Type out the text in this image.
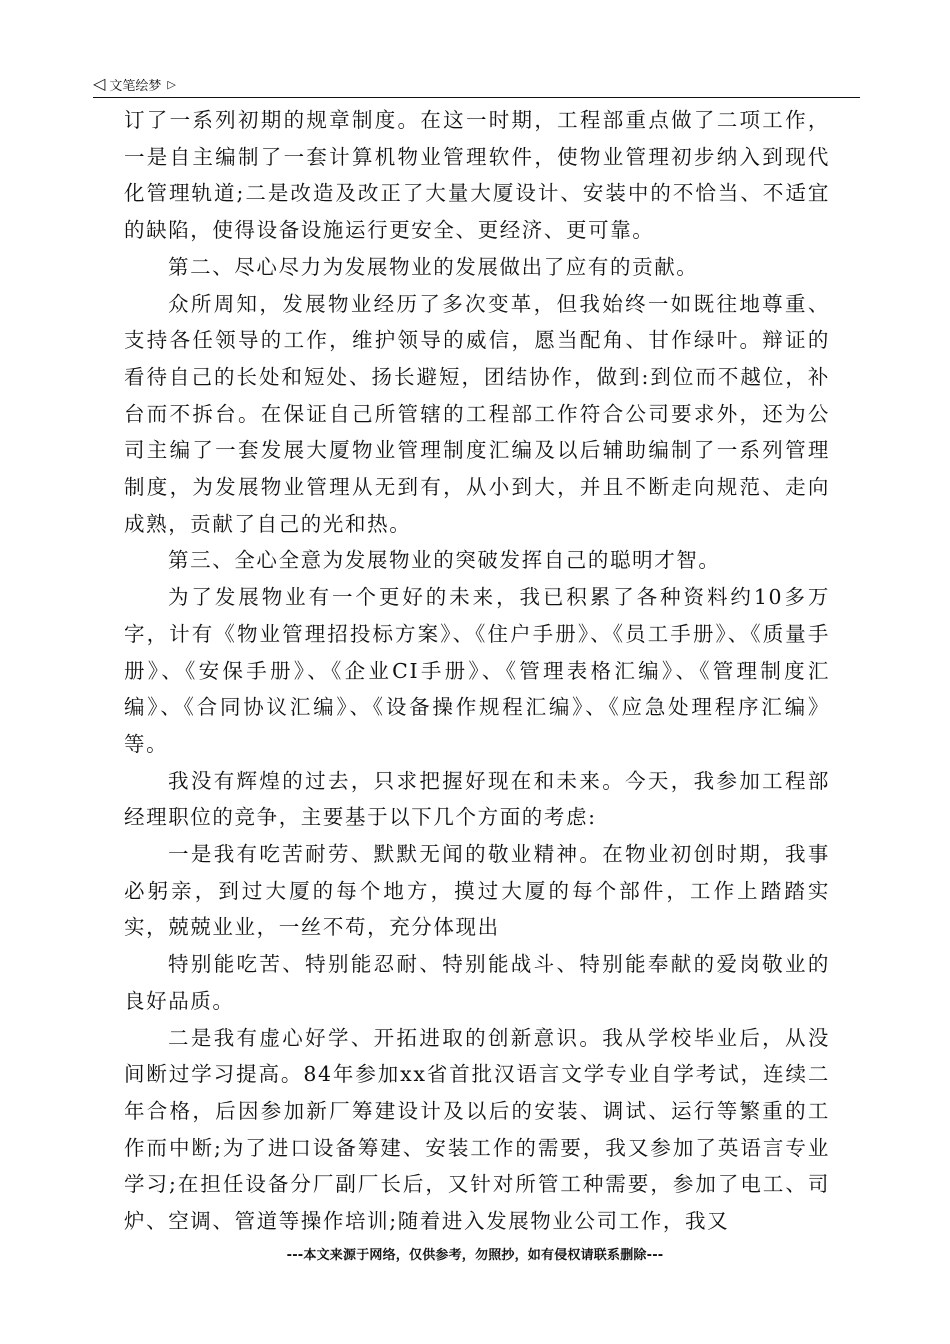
◁ 文笔绘梦 ▷

订了一系列初期的规章制度。在这一时期，工程部重点做了二项工作，一是自主编制了一套计算机物业管理软件，使物业管理初步纳入到现代化管理轨道;二是改造及改正了大量大厦设计、安装中的不恰当、不适宜的缺陷，使得设备设施运行更安全、更经济、更可靠。

第二、尽心尽力为发展物业的发展做出了应有的贡献。

众所周知，发展物业经历了多次变革，但我始终一如既往地尊重、支持各任领导的工作，维护领导的威信，愿当配角、甘作绿叶。辩证的看待自己的长处和短处、扬长避短，团结协作，做到:到位而不越位，补台而不拆台。在保证自己所管辖的工程部工作符合公司要求外，还为公司主编了一套发展大厦物业管理制度汇编及以后辅助编制了一系列管理制度，为发展物业管理从无到有，从小到大，并且不断走向规范、走向成熟，贡献了自己的光和热。

第三、全心全意为发展物业的突破发挥自己的聪明才智。

为了发展物业有一个更好的未来，我已积累了各种资料约10多万字，计有《物业管理招投标方案》、《住户手册》、《员工手册》、《质量手册》、《安保手册》、《企业CI手册》、《管理表格汇编》、《管理制度汇编》、《合同协议汇编》、《设备操作规程汇编》、《应急处理程序汇编》等。

我没有辉煌的过去，只求把握好现在和未来。今天，我参加工程部经理职位的竞争，主要基于以下几个方面的考虑:

一是我有吃苦耐劳、默默无闻的敬业精神。在物业初创时期，我事必躬亲，到过大厦的每个地方，摸过大厦的每个部件，工作上踏踏实实，兢兢业业，一丝不苟，充分体现出

特别能吃苦、特别能忍耐、特别能战斗、特别能奉献的爱岗敬业的良好品质。

二是我有虚心好学、开拓进取的创新意识。我从学校毕业后，从没间断过学习提高。84年参加xx省首批汉语言文学专业自学考试，连续二年合格，后因参加新厂筹建设计及以后的安装、调试、运行等繁重的工作而中断;为了进口设备筹建、安装工作的需要，我又参加了英语言专业学习;在担任设备分厂副厂长后，又针对所管工种需要，参加了电工、司炉、空调、管道等操作培训;随着进入发展物业公司工作，我又

---本文来源于网络，仅供参考，勿照抄，如有侵权请联系删除---
